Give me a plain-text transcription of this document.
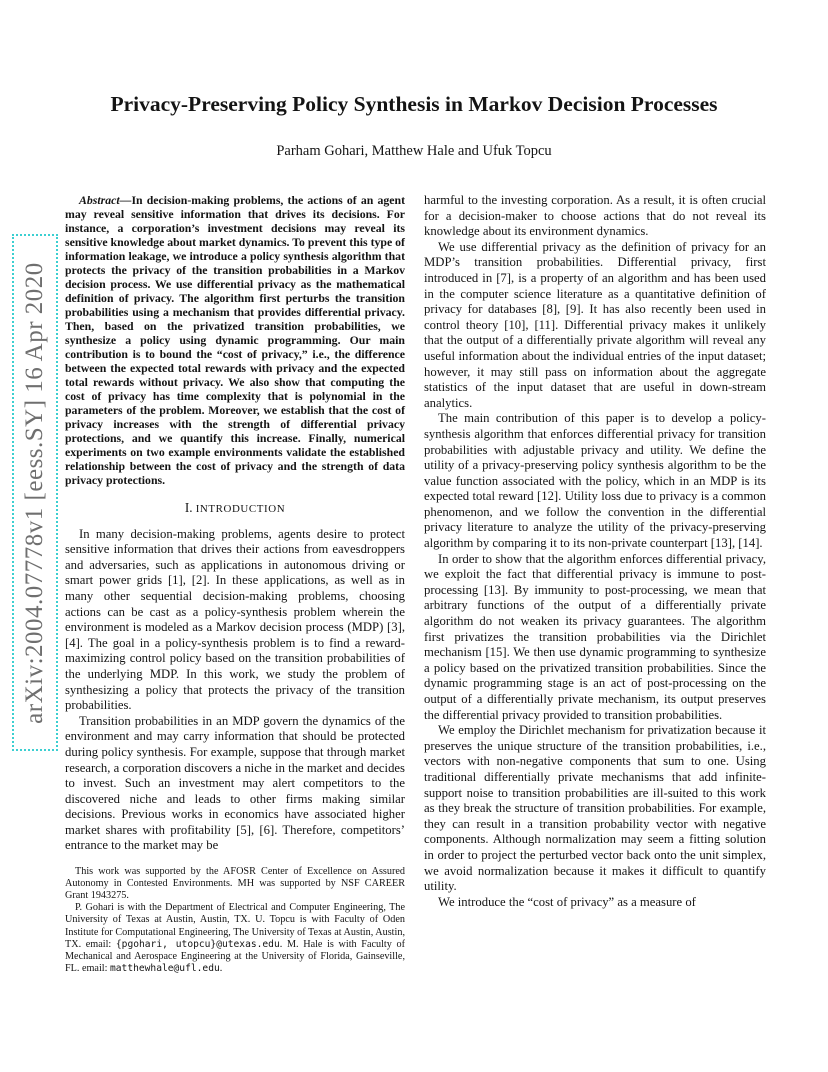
arXiv:2004.07778v1 [eess.SY] 16 Apr 2020
Privacy-Preserving Policy Synthesis in Markov Decision Processes
Parham Gohari, Matthew Hale and Ufuk Topcu

Abstract—In decision-making problems, the actions of an agent may reveal sensitive information that drives its decisions. For instance, a corporation’s investment decisions may reveal its sensitive knowledge about market dynamics. To prevent this type of information leakage, we introduce a policy synthesis algorithm that protects the privacy of the transition probabilities in a Markov decision process. We use differential privacy as the mathematical definition of privacy. The algorithm first perturbs the transition probabilities using a mechanism that provides differential privacy. Then, based on the privatized transition probabilities, we synthesize a policy using dynamic programming. Our main contribution is to bound the “cost of privacy,” i.e., the difference between the expected total rewards with privacy and the expected total rewards without privacy. We also show that computing the cost of privacy has time complexity that is polynomial in the parameters of the problem. Moreover, we establish that the cost of privacy increases with the strength of differential privacy protections, and we quantify this increase. Finally, numerical experiments on two example environments validate the established relationship between the cost of privacy and the strength of data privacy protections.

I. INTRODUCTION

In many decision-making problems, agents desire to protect sensitive information that drives their actions from eavesdroppers and adversaries, such as applications in autonomous driving or smart power grids [1], [2]. In these applications, as well as in many other sequential decision-making problems, choosing actions can be cast as a policy-synthesis problem wherein the environment is modeled as a Markov decision process (MDP) [3], [4]. The goal in a policy-synthesis problem is to find a reward-maximizing control policy based on the transition probabilities of the underlying MDP. In this work, we study the problem of synthesizing a policy that protects the privacy of the transition probabilities.

Transition probabilities in an MDP govern the dynamics of the environment and may carry information that should be protected during policy synthesis. For example, suppose that through market research, a corporation discovers a niche in the market and decides to invest. Such an investment may alert competitors to the discovered niche and leads to other firms making similar decisions. Previous works in economics have associated higher market shares with profitability [5], [6]. Therefore, competitors’ entrance to the market may be

This work was supported by the AFOSR Center of Excellence on Assured Autonomy in Contested Environments. MH was supported by NSF CAREER Grant 1943275.

P. Gohari is with the Department of Electrical and Computer Engineering, The University of Texas at Austin, Austin, TX. U. Topcu is with Faculty of Oden Institute for Computational Engineering, The University of Texas at Austin, Austin, TX. email: {pgohari, utopcu}@utexas.edu. M. Hale is with Faculty of Mechanical and Aerospace Engineering at the University of Florida, Gainseville, FL. email: matthewhale@ufl.edu.

harmful to the investing corporation. As a result, it is often crucial for a decision-maker to choose actions that do not reveal its knowledge about its environment dynamics.

We use differential privacy as the definition of privacy for an MDP’s transition probabilities. Differential privacy, first introduced in [7], is a property of an algorithm and has been used in the computer science literature as a quantitative definition of privacy for databases [8], [9]. It has also recently been used in control theory [10], [11]. Differential privacy makes it unlikely that the output of a differentially private algorithm will reveal any useful information about the individual entries of the input dataset; however, it may still pass on information about the aggregate statistics of the input dataset that are useful in down-stream analytics.

The main contribution of this paper is to develop a policy-synthesis algorithm that enforces differential privacy for transition probabilities with adjustable privacy and utility. We define the utility of a privacy-preserving policy synthesis algorithm to be the value function associated with the policy, which in an MDP is its expected total reward [12]. Utility loss due to privacy is a common phenomenon, and we follow the convention in the differential privacy literature to analyze the utility of the privacy-preserving algorithm by comparing it to its non-private counterpart [13], [14].

In order to show that the algorithm enforces differential privacy, we exploit the fact that differential privacy is immune to post-processing [13]. By immunity to post-processing, we mean that arbitrary functions of the output of a differentially private algorithm do not weaken its privacy guarantees. The algorithm first privatizes the transition probabilities via the Dirichlet mechanism [15]. We then use dynamic programming to synthesize a policy based on the privatized transition probabilities. Since the dynamic programming stage is an act of post-processing on the output of a differentially private mechanism, its output preserves the differential privacy provided to transition probabilities.

We employ the Dirichlet mechanism for privatization because it preserves the unique structure of the transition probabilities, i.e., vectors with non-negative components that sum to one. Using traditional differentially private mechanisms that add infinite-support noise to transition probabilities are ill-suited to this work as they break the structure of transition probabilities. For example, they can result in a transition probability vector with negative components. Although normalization may seem a fitting solution in order to project the perturbed vector back onto the unit simplex, we avoid normalization because it makes it difficult to quantify utility.

We introduce the “cost of privacy” as a measure of
